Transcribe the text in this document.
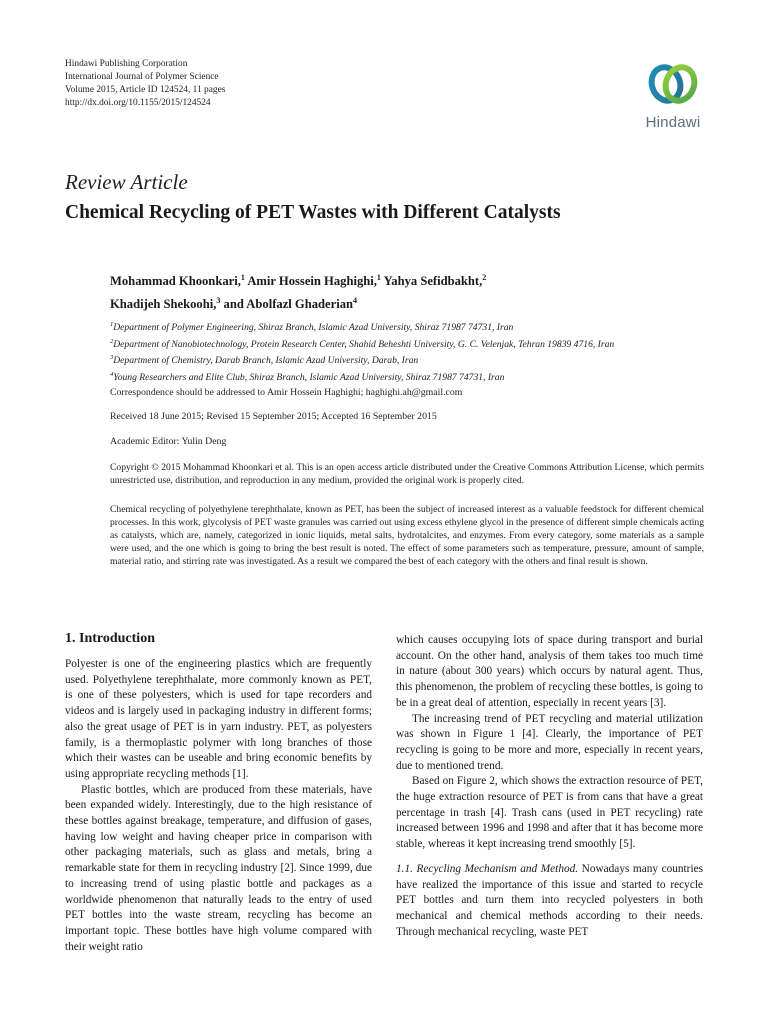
Hindawi Publishing Corporation
International Journal of Polymer Science
Volume 2015, Article ID 124524, 11 pages
http://dx.doi.org/10.1155/2015/124524
Hindawi
Review Article
Chemical Recycling of PET Wastes with Different Catalysts
Mohammad Khoonkari,$^1$ Amir Hossein Haghighi,$^1$ Yahya Sefidbakht,$^2$
Khadijeh Shekoohi,$^3$ and Abolfazl Ghaderian$^4$
$^1$Department of Polymer Engineering, Shiraz Branch, Islamic Azad University, Shiraz 71987 74731, Iran
$^2$Department of Nanobiotechnology, Protein Research Center, Shahid Beheshti University, G. C. Velenjak, Tehran 19839 4716, Iran
$^3$Department of Chemistry, Darab Branch, Islamic Azad University, Darab, Iran
$^4$Young Researchers and Elite Club, Shiraz Branch, Islamic Azad University, Shiraz 71987 74731, Iran
Correspondence should be addressed to Amir Hossein Haghighi; haghighi.ah@gmail.com
Received 18 June 2015; Revised 15 September 2015; Accepted 16 September 2015
Academic Editor: Yulin Deng
Copyright © 2015 Mohammad Khoonkari et al. This is an open access article distributed under the Creative Commons Attribution License, which permits unrestricted use, distribution, and reproduction in any medium, provided the original work is properly cited.
Chemical recycling of polyethylene terephthalate, known as PET, has been the subject of increased interest as a valuable feedstock for different chemical processes. In this work, glycolysis of PET waste granules was carried out using excess ethylene glycol in the presence of different simple chemicals acting as catalysts, which are, namely, categorized in ionic liquids, metal salts, hydrotalcites, and enzymes. From every category, some materials as a sample were used, and the one which is going to bring the best result is noted. The effect of some parameters such as temperature, pressure, amount of sample, material ratio, and stirring rate was investigated. As a result we compared the best of each category with the others and final result is shown.
1. Introduction

Polyester is one of the engineering plastics which are frequently used. Polyethylene terephthalate, more commonly known as PET, is one of these polyesters, which is used for tape recorders and videos and is largely used in packaging industry in different forms; also the great usage of PET is in yarn industry. PET, as polyesters family, is a thermoplastic polymer with long branches of those which their wastes can be useable and bring economic benefits by using appropriate recycling methods [1].

Plastic bottles, which are produced from these materials, have been expanded widely. Interestingly, due to the high resistance of these bottles against breakage, temperature, and diffusion of gases, having low weight and having cheaper price in comparison with other packaging materials, such as glass and metals, bring a remarkable state for them in recycling industry [2]. Since 1999, due to increasing trend of using plastic bottle and packages as a worldwide phenomenon that naturally leads to the entry of used PET bottles into the waste stream, recycling has become an important topic. These bottles have high volume compared with their weight ratio

which causes occupying lots of space during transport and burial account. On the other hand, analysis of them takes too much time in nature (about 300 years) which occurs by natural agent. Thus, this phenomenon, the problem of recycling these bottles, is going to be in a great deal of attention, especially in recent years [3].

The increasing trend of PET recycling and material utilization was shown in Figure 1 [4]. Clearly, the importance of PET recycling is going to be more and more, especially in recent years, due to mentioned trend.

Based on Figure 2, which shows the extraction resource of PET, the huge extraction resource of PET is from cans that have a great percentage in trash [4]. Trash cans (used in PET recycling) rate increased between 1996 and 1998 and after that it has become more stable, whereas it kept increasing trend smoothly [5].

1.1. Recycling Mechanism and Method. Nowadays many countries have realized the importance of this issue and started to recycle PET bottles and turn them into recycled polyesters in both mechanical and chemical methods according to their needs. Through mechanical recycling, waste PET
